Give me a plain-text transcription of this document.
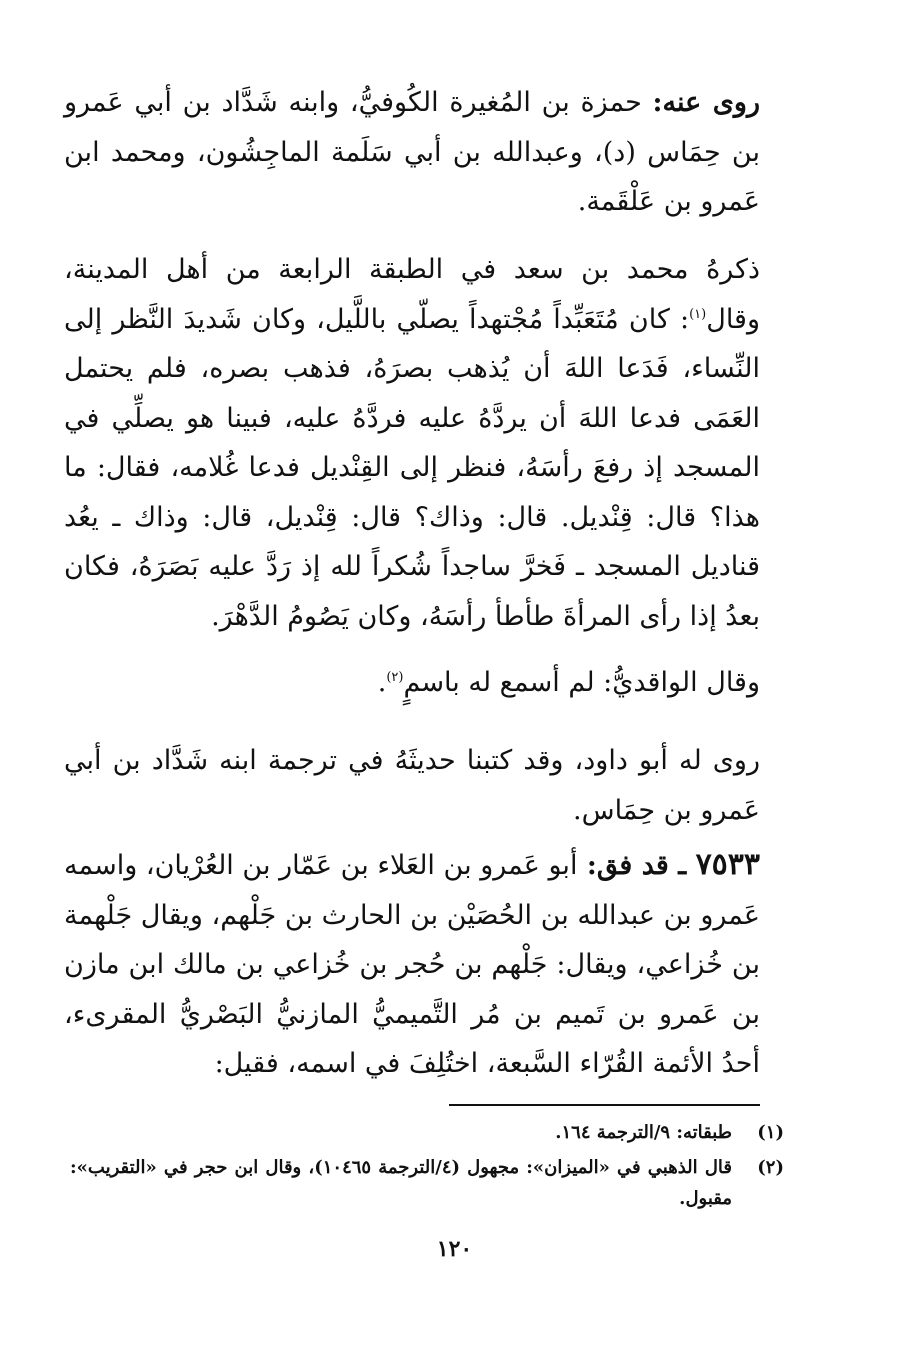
روى عنه: حمزة بن المُغيرة الكُوفيُّ، وابنه شَدَّاد بن أبي عَمرو بن حِمَاس (د)، وعبدالله بن أبي سَلَمة الماجِشُون، ومحمد ابن عَمرو بن عَلْقَمة.

ذكرهُ محمد بن سعد في الطبقة الرابعة من أهل المدينة، وقال$^{(١)}$: كان مُتَعَبِّداً مُجْتهداً يصلّي باللَّيل، وكان شَديدَ النَّظر إلى النِّساء، فَدَعا اللهَ أن يُذهب بصرَهُ، فذهب بصره، فلم يحتمل العَمَى فدعا اللهَ أن يردَّهُ عليه فردَّهُ عليه، فبينا هو يصلِّي في المسجد إذ رفعَ رأسَهُ، فنظر إلى القِنْديل فدعا غُلامه، فقال: ما هذا؟ قال: قِنْديل. قال: وذاك؟ قال: قِنْديل، قال: وذاك ـ يعُد قناديل المسجد ـ فَخرَّ ساجداً شُكراً لله إذ رَدَّ عليه بَصَرَهُ، فكان بعدُ إذا رأى المرأةَ طأطأ رأسَهُ، وكان يَصُومُ الدَّهْرَ.

وقال الواقديُّ: لم أسمع له باسمٍ$^{(٢)}$.

روى له أبو داود، وقد كتبنا حديثَهُ في ترجمة ابنه شَدَّاد بن أبي عَمرو بن حِمَاس.

٧٥٣٣ ـ قد فق: أبو عَمرو بن العَلاء بن عَمّار بن العُرْيان، واسمه عَمرو بن عبدالله بن الحُصَيْن بن الحارث بن جَلْهم، ويقال جَلْهمة بن خُزاعي، ويقال: جَلْهم بن حُجر بن خُزاعي بن مالك ابن مازن بن عَمرو بن تَميم بن مُر التَّميميُّ المازنيُّ البَصْريُّ المقرىء، أحدُ الأئمة القُرّاء السَّبعة، اختُلِفَ في اسمه، فقيل:

(١)
طبقاته: ٩/الترجمة ١٦٤.
(٢)
قال الذهبي في «الميزان»: مجهول (٤/الترجمة ١٠٤٦٥)، وقال ابن حجر في «التقريب»: مقبول.
١٢٠
